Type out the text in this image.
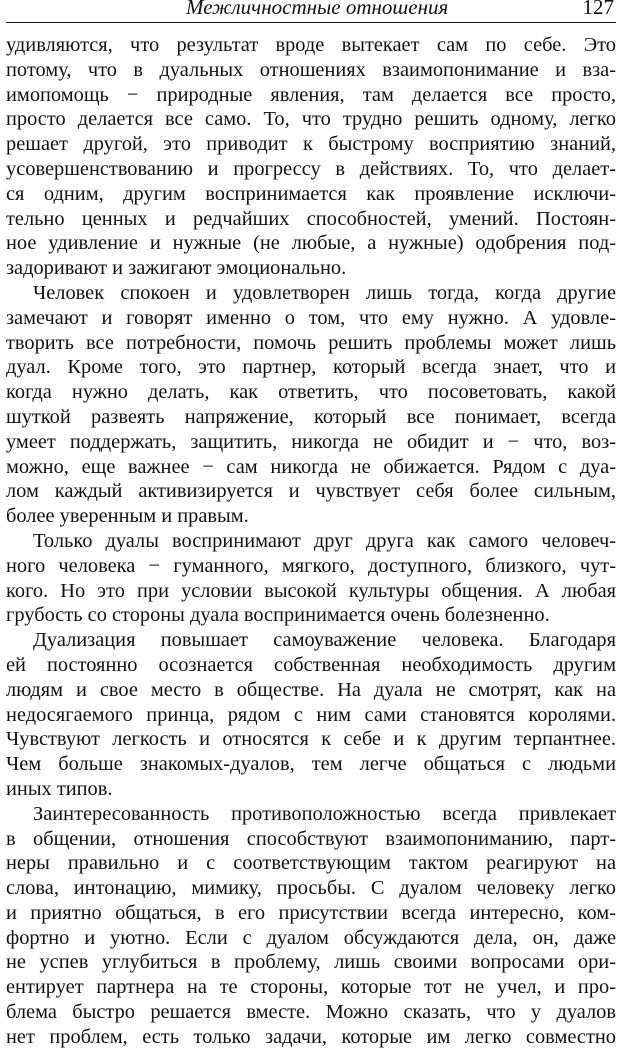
Межличностные отношения	127
удивляются, что результат вроде вытекает сам по себе. Это
потому, что в дуальных отношениях взаимопонимание и вза-
имопомощь − природные явления, там делается все просто,
просто делается все само. То, что трудно решить одному, легко
решает другой, это приводит к быстрому восприятию знаний,
усовершенствованию и прогрессу в действиях. То, что делает-
ся одним, другим воспринимается как проявление исключи-
тельно ценных и редчайших способностей, умений. Постоян-
ное удивление и нужные (не любые, а нужные) одобрения под-
задоривают и зажигают эмоционально.
Человек спокоен и удовлетворен лишь тогда, когда другие
замечают и говорят именно о том, что ему нужно. А удовле-
творить все потребности, помочь решить проблемы может лишь
дуал. Кроме того, это партнер, который всегда знает, что и
когда нужно делать, как ответить, что посоветовать, какой
шуткой развеять напряжение, который все понимает, всегда
умеет поддержать, защитить, никогда не обидит и − что, воз-
можно, еще важнее − сам никогда не обижается. Рядом с дуа-
лом каждый активизируется и чувствует себя более сильным,
более уверенным и правым.
Только дуалы воспринимают друг друга как самого человеч-
ного человека − гуманного, мягкого, доступного, близкого, чут-
кого. Но это при условии высокой культуры общения. А любая
грубость со стороны дуала воспринимается очень болезненно.
Дуализация повышает самоуважение человека. Благодаря
ей постоянно осознается собственная необходимость другим
людям и свое место в обществе. На дуала не смотрят, как на
недосягаемого принца, рядом с ним сами становятся королями.
Чувствуют легкость и относятся к себе и к другим терпантнее.
Чем больше знакомых-дуалов, тем легче общаться с людьми
иных типов.
Заинтересованность противоположностью всегда привлекает
в общении, отношения способствуют взаимопониманию, парт-
неры правильно и с соответствующим тактом реагируют на
слова, интонацию, мимику, просьбы. С дуалом человеку легко
и приятно общаться, в его присутствии всегда интересно, ком-
фортно и уютно. Если с дуалом обсуждаются дела, он, даже
не успев углубиться в проблему, лишь своими вопросами ори-
ентирует партнера на те стороны, которые тот не учел, и про-
блема быстро решается вместе. Можно сказать, что у дуалов
нет проблем, есть только задачи, которые им легко совместно
